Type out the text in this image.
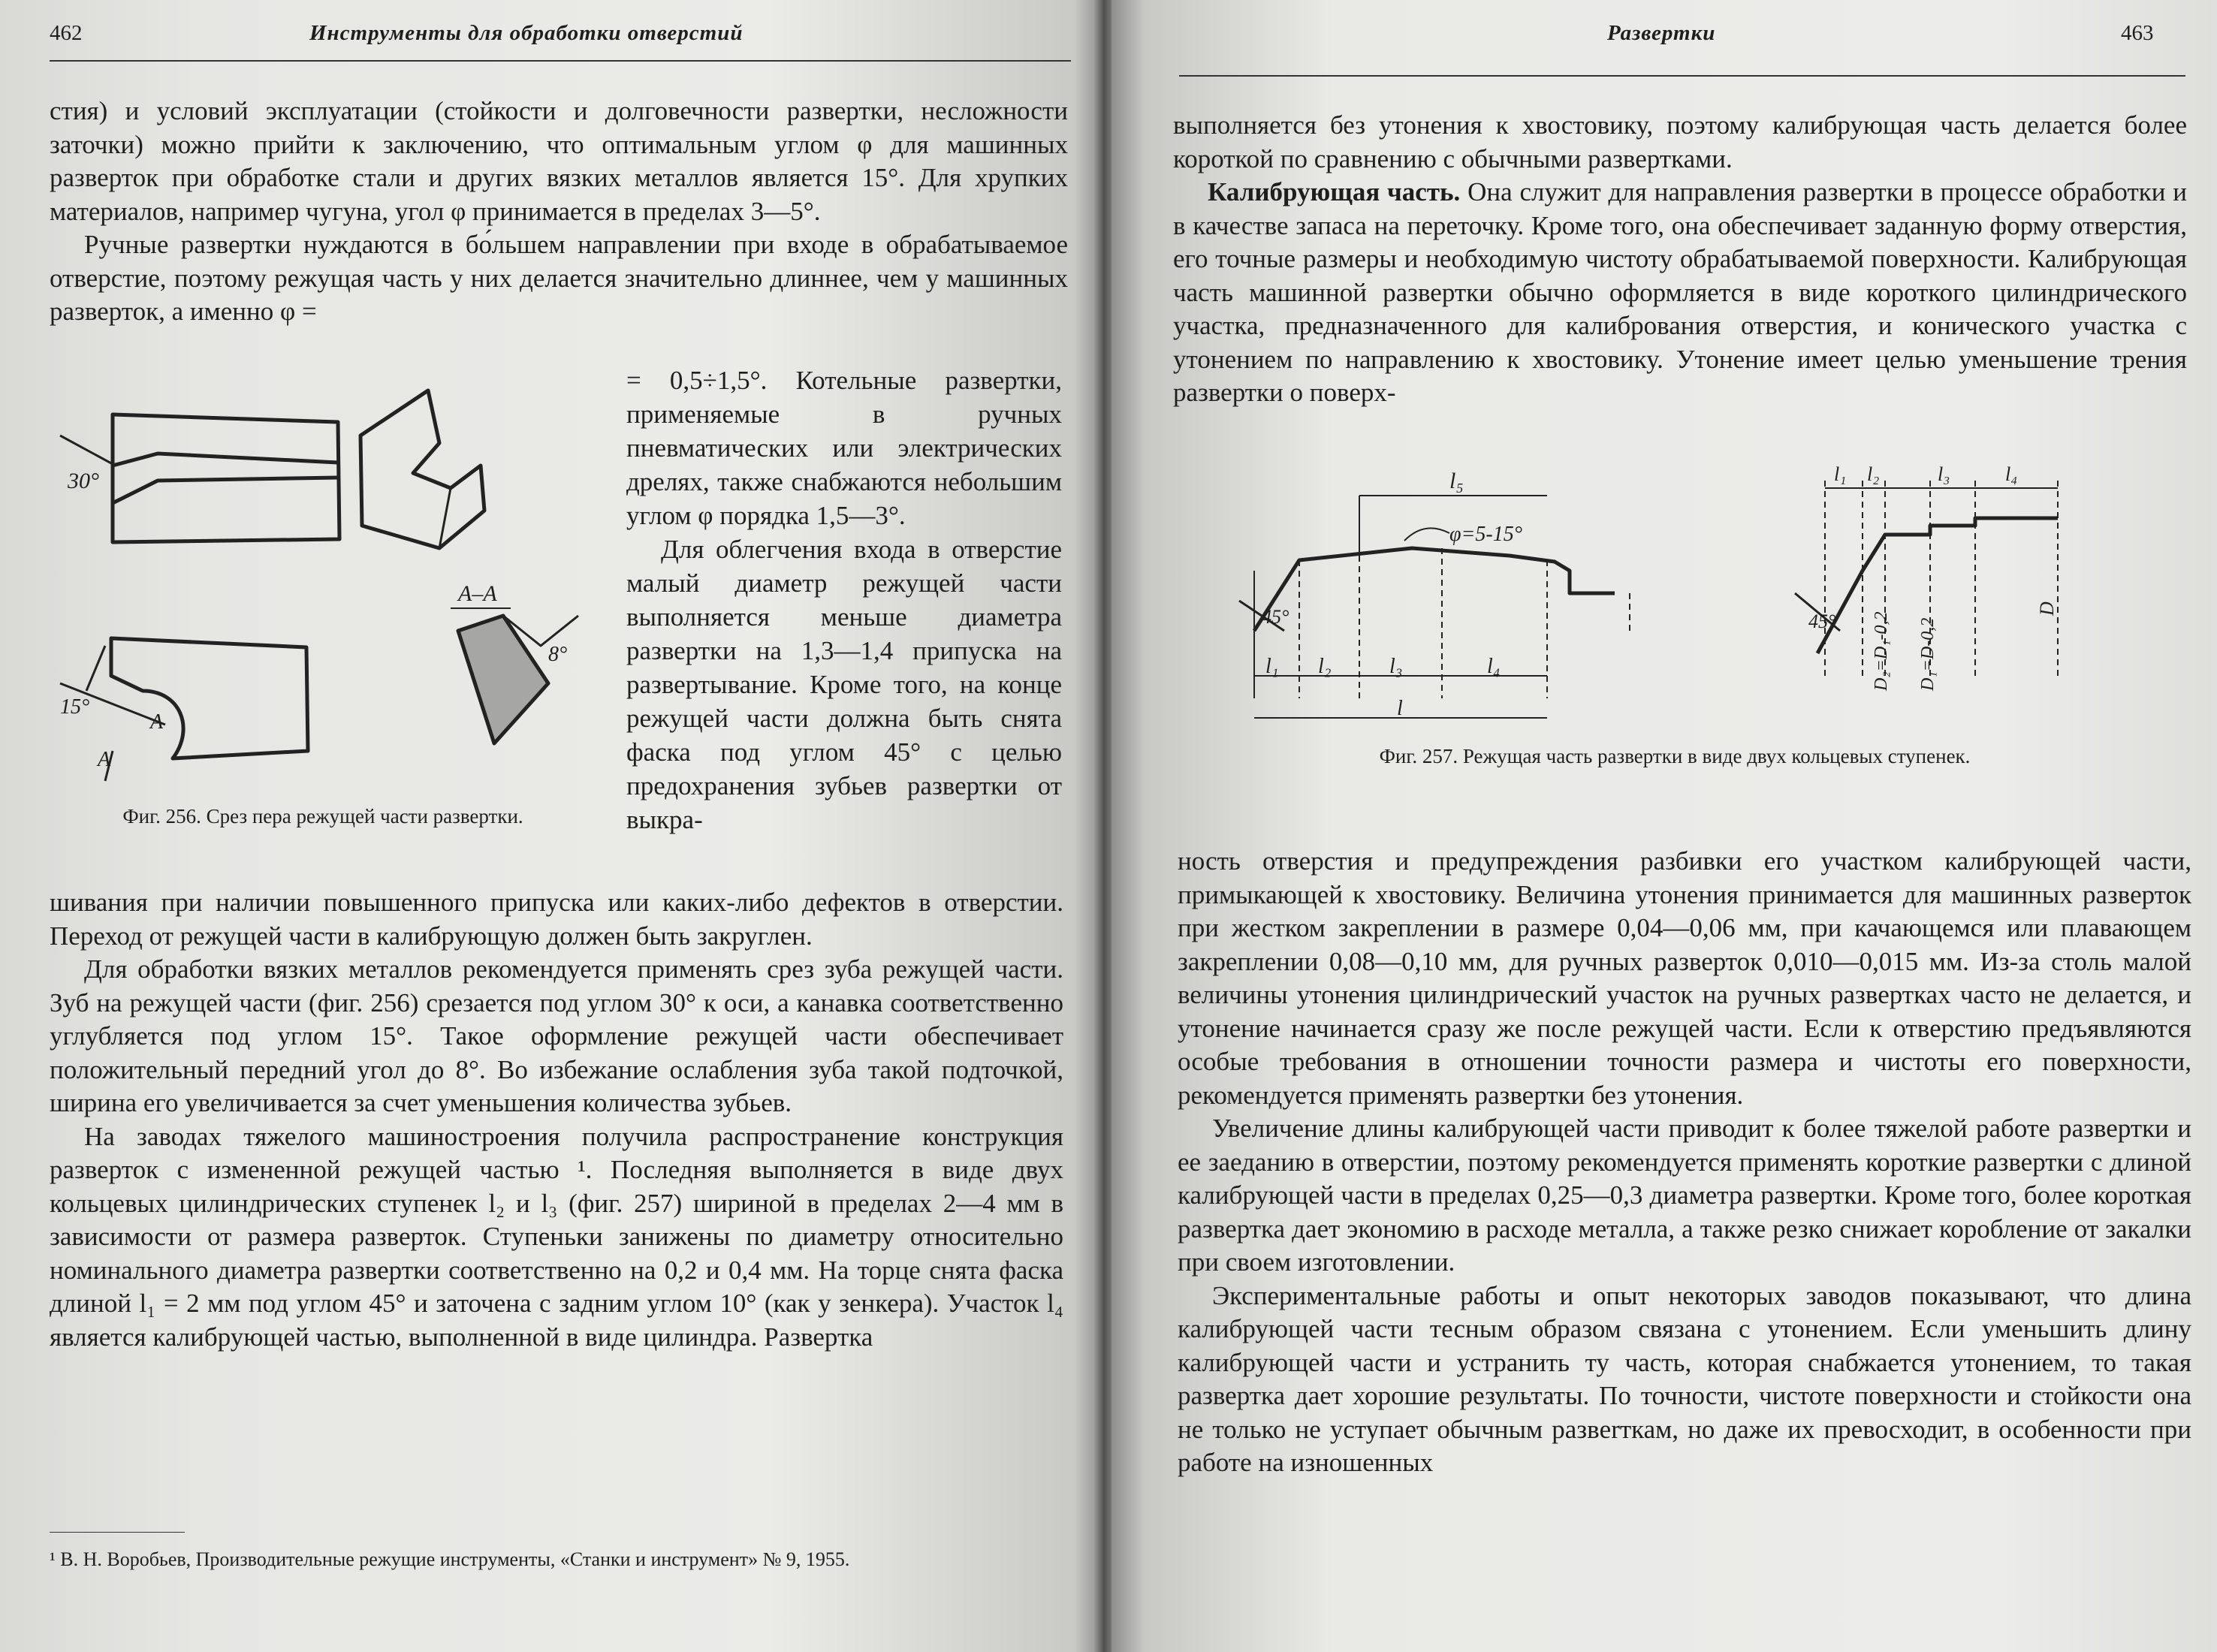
462	Инструменты для обработки отверстий

стия) и условий эксплуатации (стойкости и долговечности развертки, несложности заточки) можно прийти к заключению, что оптимальным углом φ для машинных разверток при обработке стали и других вязких металлов является 15°. Для хрупких материалов, например чугуна, угол φ принимается в пределах 3—5°.

Ручные развертки нуждаются в бо́льшем направлении при входе в обрабатываемое отверстие, поэтому режущая часть у них делается значительно длиннее, чем у машинных разверток, а именно φ =

30°
15°
А–А
8°
А
А
Фиг. 256. Срез пера режущей части развертки.

= 0,5÷1,5°. Котельные развертки, применяемые в ручных пневматических или электрических дрелях, также снабжаются небольшим углом φ порядка 1,5—3°.

Для облегчения входа в отверстие малый диаметр режущей части выполняется меньше диаметра развертки на 1,3—1,4 припуска на развертывание. Кроме того, на конце режущей части должна быть снята фаска под углом 45° с целью предохранения зубьев развертки от выкра-

шивания при наличии повышенного припуска или каких-либо дефектов в отверстии. Переход от режущей части в калибрующую должен быть закруглен.

Для обработки вязких металлов рекомендуется применять срез зуба режущей части. Зуб на режущей части (фиг. 256) срезается под углом 30° к оси, а канавка соответственно углубляется под углом 15°. Такое оформление режущей части обеспечивает положительный передний угол до 8°. Во избежание ослабления зуба такой подточкой, ширина его увеличивается за счет уменьшения количества зубьев.

На заводах тяжелого машиностроения получила распространение конструкция разверток с измененной режущей частью ¹. Последняя выполняется в виде двух кольцевых цилиндрических ступенек l₂ и l₃ (фиг. 257) шириной в пределах 2—4 мм в зависимости от размера разверток. Ступеньки занижены по диаметру относительно номинального диаметра развертки соответственно на 0,2 и 0,4 мм. На торце снята фаска длиной l₁ = 2 мм под углом 45° и заточена с задним углом 10° (как у зенкера). Участок l₄ является калибрующей частью, выполненной в виде цилиндра. Развертка

¹ В. Н. Воробьев, Производительные режущие инструменты, «Станки и инструмент» № 9, 1955.
Развертки	463

выполняется без утонения к хвостовику, поэтому калибрующая часть делается более короткой по сравнению с обычными развертками.

Калибрующая часть. Она служит для направления развертки в процессе обработки и в качестве запаса на переточку. Кроме того, она обеспечивает заданную форму отверстия, его точные размеры и необходимую чистоту обрабатываемой поверхности. Калибрующая часть машинной развертки обычно оформляется в виде короткого цилиндрического участка, предназначенного для калибрования отверстия, и конического участка с утонением по направлению к хвостовику. Утонение имеет целью уменьшение трения развертки о поверх-

l₅
φ=5-15°
45°
l₁ l₂	l₃	l₄
l
l₁ l₂	l₃	l₄
45° D₂=D₁-0,2 D₁=D-0,2
D
Фиг. 257. Режущая часть развертки в виде двух кольцевых ступенек.

ность отверстия и предупреждения разбивки его участком калибрующей части, примыкающей к хвостовику. Величина утонения принимается для машинных разверток при жестком закреплении в размере 0,04—0,06 мм, при качающемся или плавающем закреплении 0,08—0,10 мм, для ручных разверток 0,010—0,015 мм. Из-за столь малой величины утонения цилиндрический участок на ручных развертках часто не делается, и утонение начинается сразу же после режущей части. Если к отверстию предъявляются особые требования в отношении точности размера и чистоты его поверхности, рекомендуется применять развертки без утонения.

Увеличение длины калибрующей части приводит к более тяжелой работе развертки и ее заеданию в отверстии, поэтому рекомендуется применять короткие развертки с длиной калибрующей части в пределах 0,25—0,3 диаметра развертки. Кроме того, более короткая развертка дает экономию в расходе металла, а также резко снижает коробление от закалки при своем изготовлении.

Экспериментальные работы и опыт некоторых заводов показывают, что длина калибрующей части тесным образом связана с утонением. Если уменьшить длину калибрующей части и устранить ту часть, которая снабжается утонением, то такая развертка дает хорошие результаты. По точности, чистоте поверхности и стойкости она не только не уступает обычным развerткам, но даже их превосходит, в особенности при работе на изношенных
